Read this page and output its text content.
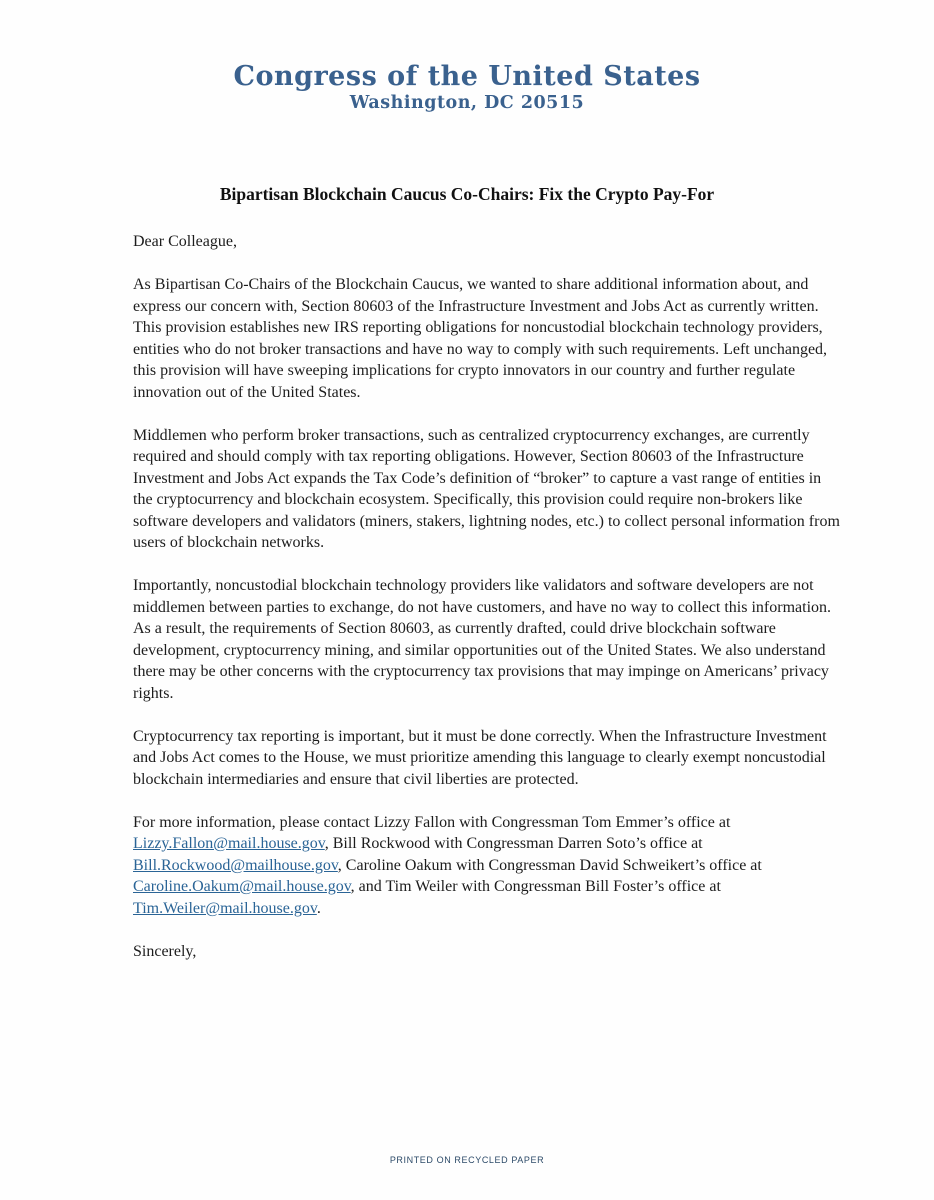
Congress of the United States
Washington, DC 20515
Bipartisan Blockchain Caucus Co-Chairs: Fix the Crypto Pay-For
Dear Colleague,
As Bipartisan Co-Chairs of the Blockchain Caucus, we wanted to share additional information about, and express our concern with, Section 80603 of the Infrastructure Investment and Jobs Act as currently written. This provision establishes new IRS reporting obligations for noncustodial blockchain technology providers, entities who do not broker transactions and have no way to comply with such requirements. Left unchanged, this provision will have sweeping implications for crypto innovators in our country and further regulate innovation out of the United States.
Middlemen who perform broker transactions, such as centralized cryptocurrency exchanges, are currently required and should comply with tax reporting obligations. However, Section 80603 of the Infrastructure Investment and Jobs Act expands the Tax Code’s definition of “broker” to capture a vast range of entities in the cryptocurrency and blockchain ecosystem. Specifically, this provision could require non-brokers like software developers and validators (miners, stakers, lightning nodes, etc.) to collect personal information from users of blockchain networks.
Importantly, noncustodial blockchain technology providers like validators and software developers are not middlemen between parties to exchange, do not have customers, and have no way to collect this information. As a result, the requirements of Section 80603, as currently drafted, could drive blockchain software development, cryptocurrency mining, and similar opportunities out of the United States. We also understand there may be other concerns with the cryptocurrency tax provisions that may impinge on Americans’ privacy rights.
Cryptocurrency tax reporting is important, but it must be done correctly. When the Infrastructure Investment and Jobs Act comes to the House, we must prioritize amending this language to clearly exempt noncustodial blockchain intermediaries and ensure that civil liberties are protected.
For more information, please contact Lizzy Fallon with Congressman Tom Emmer’s office at Lizzy.Fallon@mail.house.gov, Bill Rockwood with Congressman Darren Soto’s office at Bill.Rockwood@mailhouse.gov, Caroline Oakum with Congressman David Schweikert’s office at Caroline.Oakum@mail.house.gov, and Tim Weiler with Congressman Bill Foster’s office at Tim.Weiler@mail.house.gov.
Sincerely,
PRINTED ON RECYCLED PAPER
